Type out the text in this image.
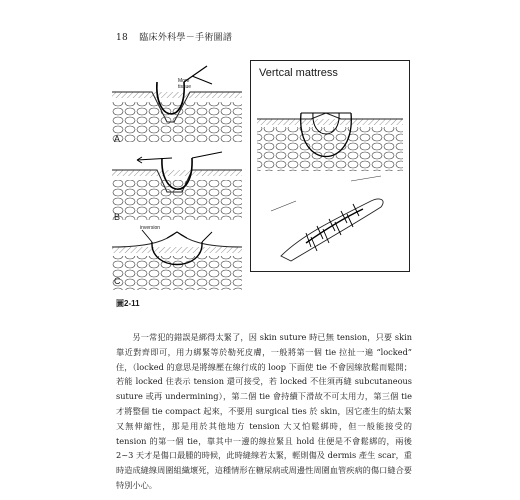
18 臨床外科學－手術圖譜
A
B
C
More tissue
inversion
Vertcal mattress
圖2-11

另一常犯的錯誤是綁得太緊了，因 skin suture 時已無 tension，只要 skin 靠近對齊即可，用力綁緊等於勒死皮膚，一般將第一個 tie 拉扯一遍 “locked” 住，（locked 的意思是將線壓在線行成的 loop 下面使 tie 不會因線放鬆而鬆開；若能 locked 住表示 tension 還可接受，若 locked 不住須再縫 subcutaneous suture 或再 undermining），第二個 tie 會持續下滑故不可太用力，第三個 tie 才將整個 tie compact 起來，不要用 surgical ties 於 skin，因它產生的結太緊又無伸縮性，那是用於其他地方 tension 大又怕鬆綁時，但一般能接受的 tension 的第一個 tie，靠其中一邊的線拉緊且 hold 住便是不會鬆綁的，兩後 2~3 天才是傷口最腫的時候，此時縫線若太緊，輕則傷及 dermis 產生 scar，重時造成縫線周圍組織壞死，這種情形在糖尿病或周邊性周圍血管疾病的傷口縫合要特別小心。
